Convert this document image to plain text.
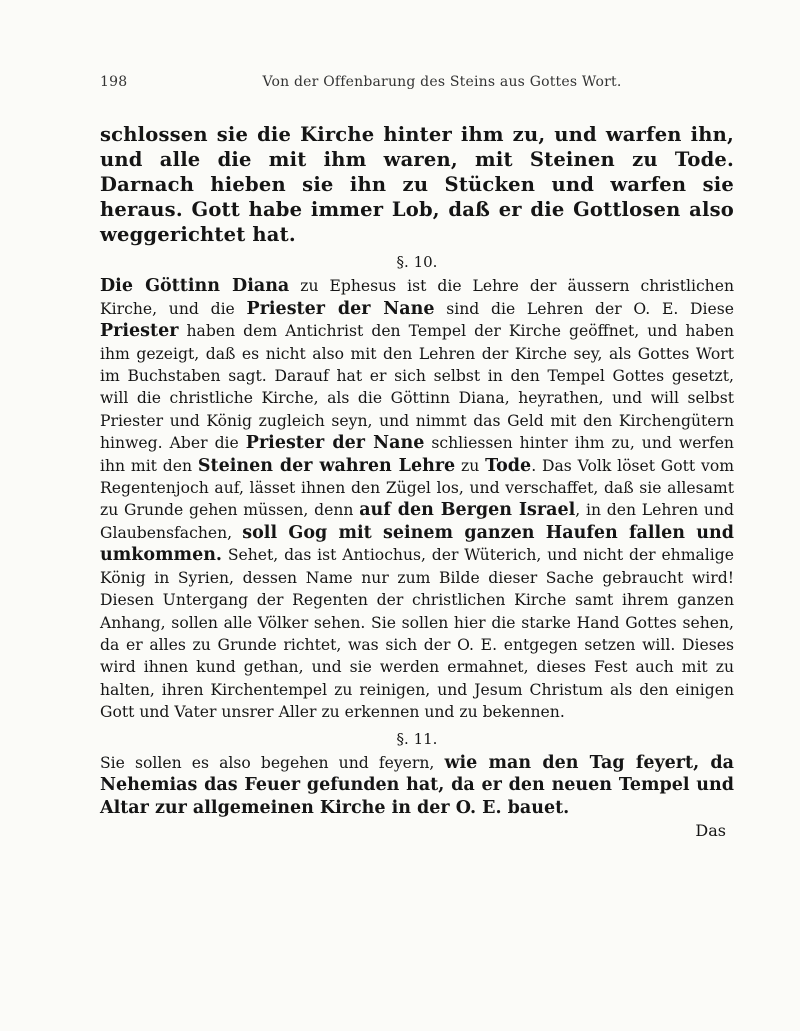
198	Von der Offenbarung des Steins aus Gottes Wort.

schlossen sie die Kirche hinter ihm zu, und warfen ihn, und alle die mit ihm waren, mit Steinen zu Tode. Darnach hieben sie ihn zu Stücken und warfen sie heraus. Gott habe immer Lob, daß er die Gottlosen also weggerichtet hat.

§. 10.

Die Göttinn Diana zu Ephesus ist die Lehre der äussern christlichen Kirche, und die Priester der Nane sind die Lehren der O. E. Diese Priester haben dem Antichrist den Tempel der Kirche geöffnet, und haben ihm gezeigt, daß es nicht also mit den Lehren der Kirche sey, als Gottes Wort im Buchstaben sagt. Darauf hat er sich selbst in den Tempel Gottes gesetzt, will die christliche Kirche, als die Göttinn Diana, heyrathen, und will selbst Priester und König zugleich seyn, und nimmt das Geld mit den Kirchengütern hinweg. Aber die Priester der Nane schliessen hinter ihm zu, und werfen ihn mit den Steinen der wahren Lehre zu Tode. Das Volk löset Gott vom Regentenjoch auf, lässet ihnen den Zügel los, und verschaffet, daß sie allesamt zu Grunde gehen müssen, denn auf den Bergen Israel, in den Lehren und Glaubensfachen, soll Gog mit seinem ganzen Haufen fallen und umkommen. Sehet, das ist Antiochus, der Wüterich, und nicht der ehmalige König in Syrien, dessen Name nur zum Bilde dieser Sache gebraucht wird! Diesen Untergang der Regenten der christlichen Kirche samt ihrem ganzen Anhang, sollen alle Völker sehen. Sie sollen hier die starke Hand Gottes sehen, da er alles zu Grunde richtet, was sich der O. E. entgegen setzen will. Dieses wird ihnen kund gethan, und sie werden ermahnet, dieses Fest auch mit zu halten, ihren Kirchentempel zu reinigen, und Jesum Christum als den einigen Gott und Vater unsrer Aller zu erkennen und zu bekennen.

§. 11.

Sie sollen es also begehen und feyern, wie man den Tag feyert, da Nehemias das Feuer gefunden hat, da er den neuen Tempel und Altar zur allgemeinen Kirche in der O. E. bauet.

Das
